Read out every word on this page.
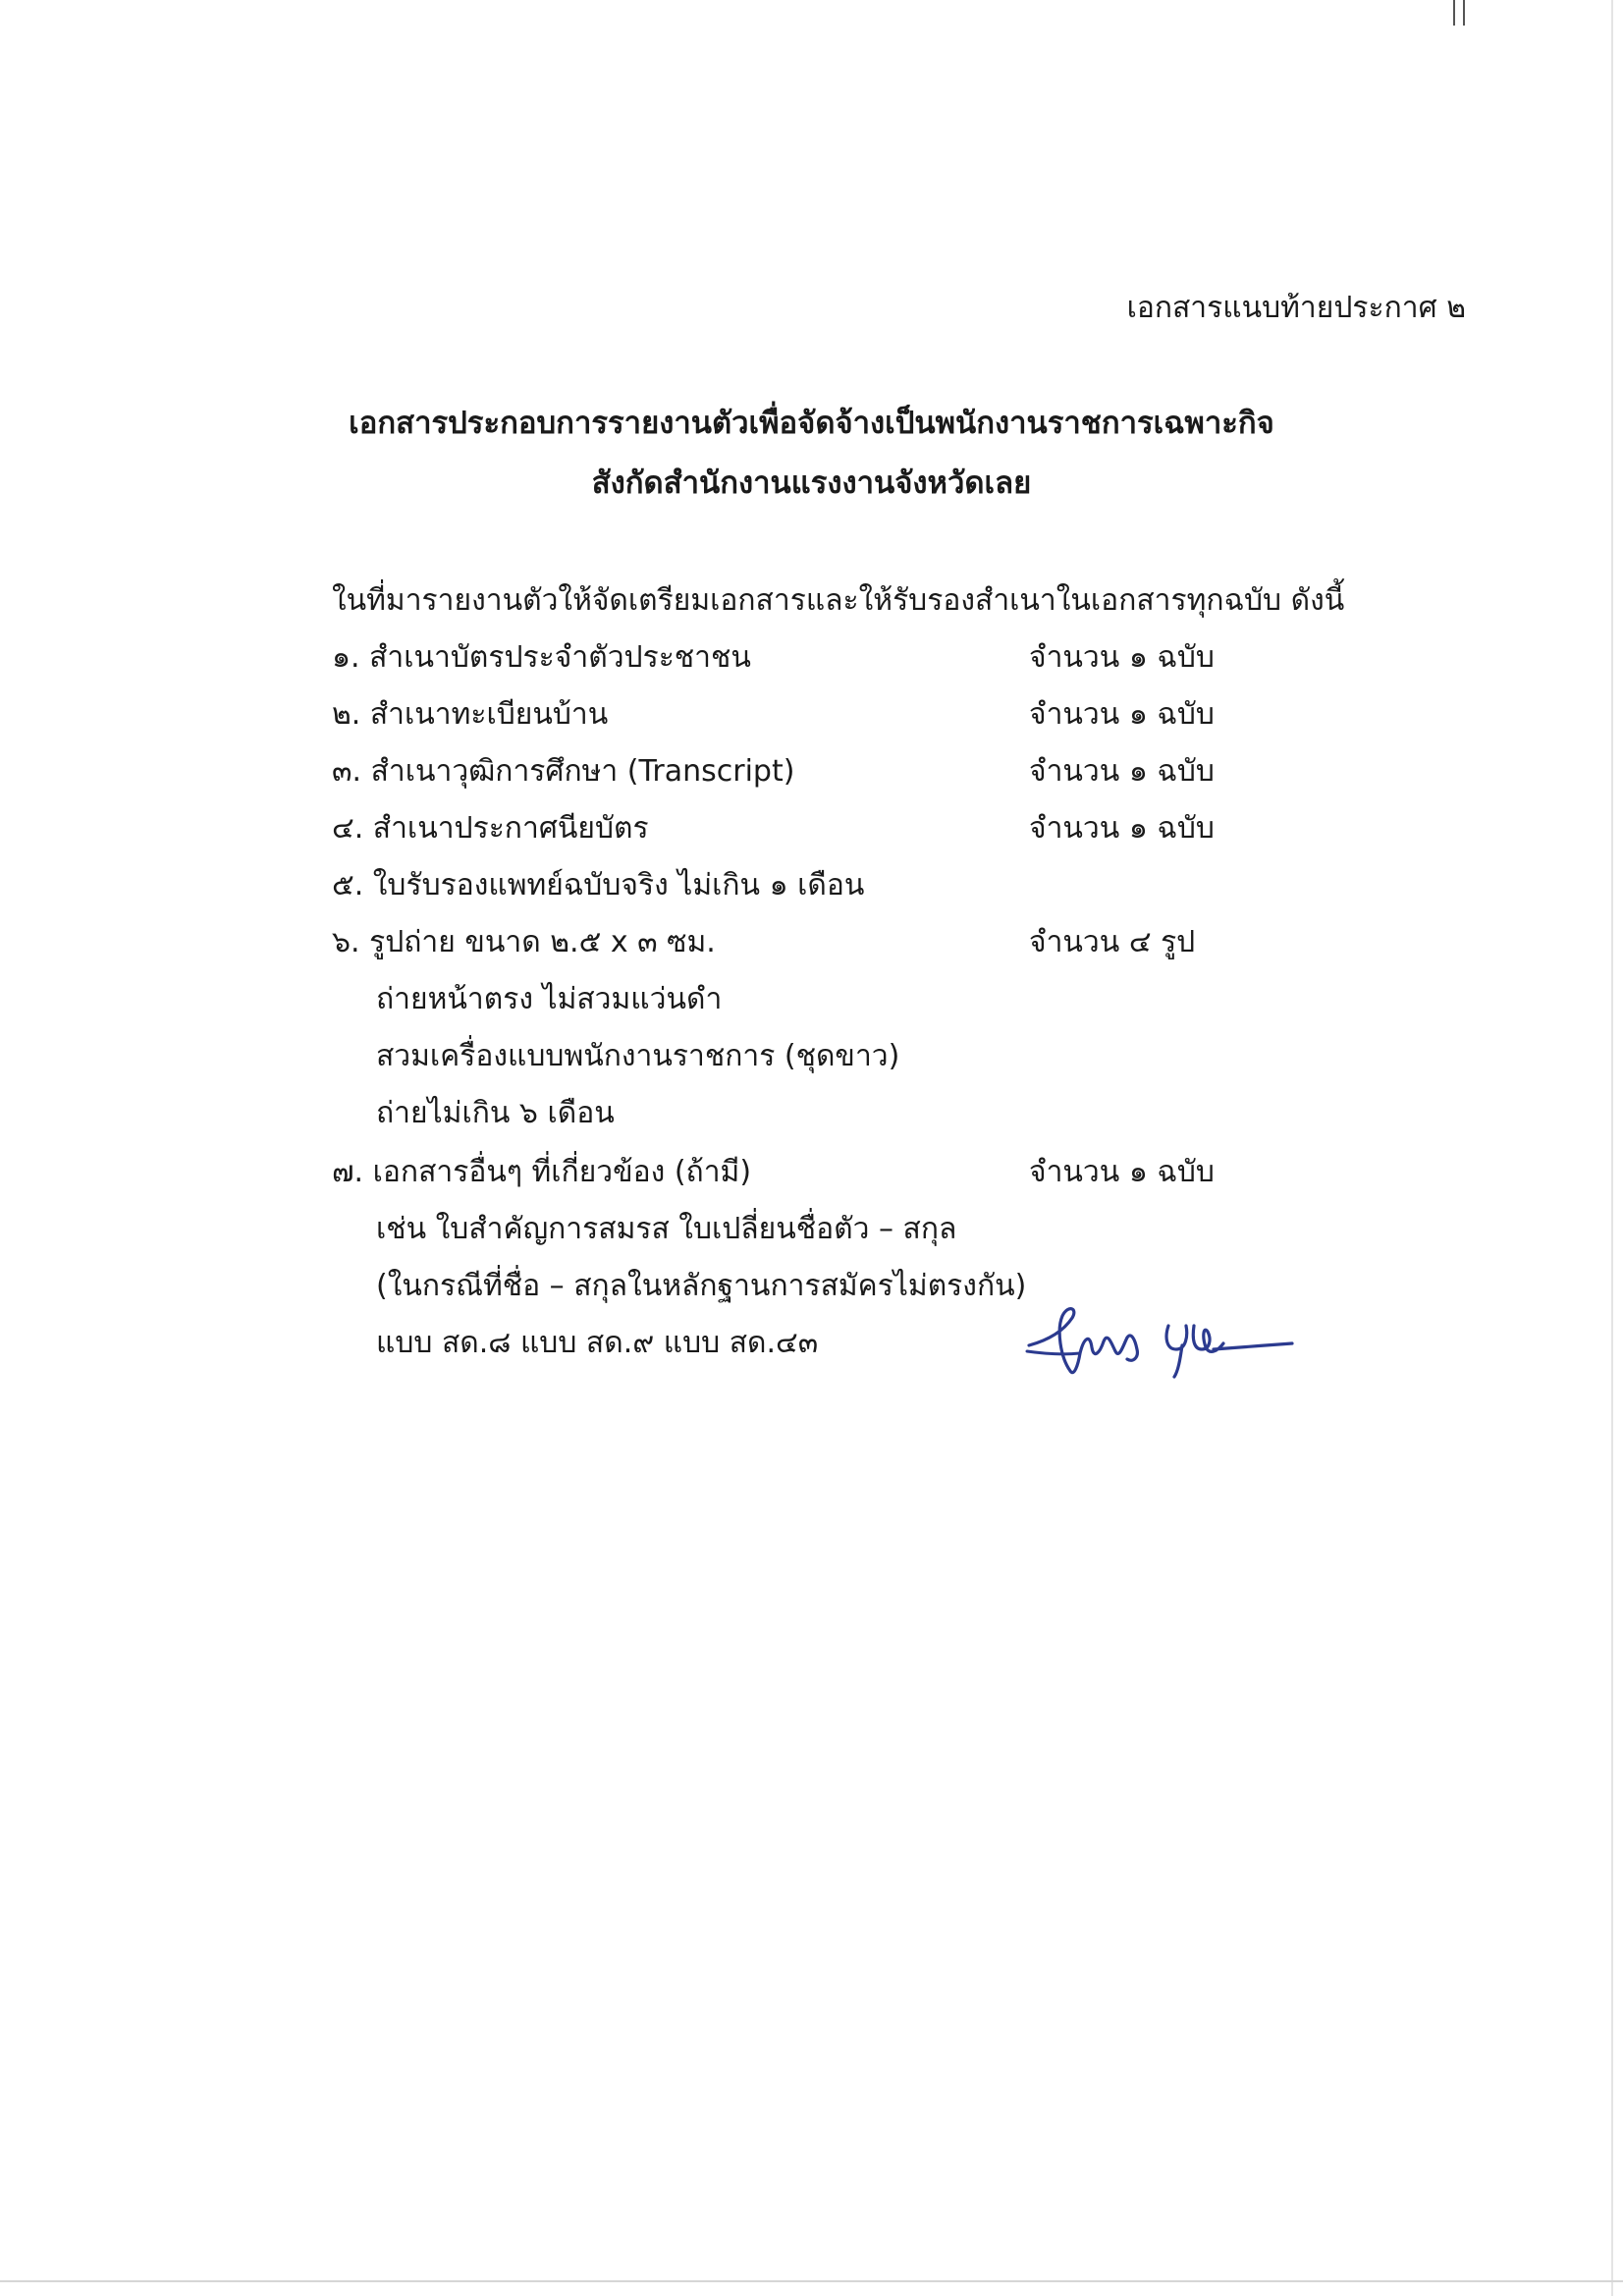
เอกสารแนบท้ายประกาศ ๒
เอกสารประกอบการรายงานตัวเพื่อจัดจ้างเป็นพนักงานราชการเฉพาะกิจ
สังกัดสำนักงานแรงงานจังหวัดเลย
ในที่มารายงานตัวให้จัดเตรียมเอกสารและให้รับรองสำเนาในเอกสารทุกฉบับ ดังนี้
๑. สำเนาบัตรประจำตัวประชาชน	จำนวน ๑ ฉบับ
๒. สำเนาทะเบียนบ้าน	จำนวน ๑ ฉบับ
๓. สำเนาวุฒิการศึกษา (Transcript)	จำนวน ๑ ฉบับ
๔. สำเนาประกาศนียบัตร	จำนวน ๑ ฉบับ
๕. ใบรับรองแพทย์ฉบับจริง ไม่เกิน ๑ เดือน
๖. รูปถ่าย ขนาด ๒.๕ x ๓ ซม.	จำนวน ๔ รูป
ถ่ายหน้าตรง ไม่สวมแว่นดำ
สวมเครื่องแบบพนักงานราชการ (ชุดขาว)
ถ่ายไม่เกิน ๖ เดือน
๗. เอกสารอื่นๆ ที่เกี่ยวข้อง (ถ้ามี)	จำนวน ๑ ฉบับ
เช่น ใบสำคัญการสมรส ใบเปลี่ยนชื่อตัว – สกุล
(ในกรณีที่ชื่อ – สกุลในหลักฐานการสมัครไม่ตรงกัน)
แบบ สด.๘ แบบ สด.๙ แบบ สด.๔๓
